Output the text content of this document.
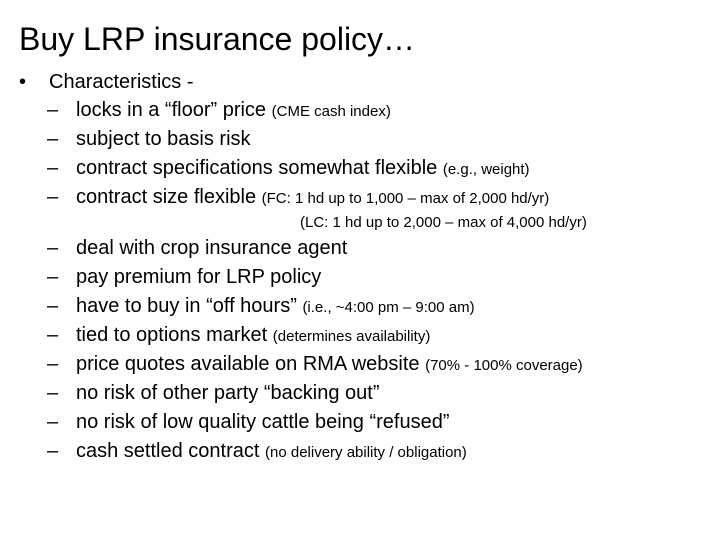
Buy LRP insurance policy…
• Characteristics -
– locks in a “floor” price (CME cash index)
– subject to basis risk
– contract specifications somewhat flexible (e.g., weight)
– contract size flexible (FC: 1 hd up to 1,000 – max of 2,000 hd/yr)
(LC: 1 hd up to 2,000 – max of 4,000 hd/yr)
– deal with crop insurance agent
– pay premium for LRP policy
– have to buy in “off hours” (i.e., ~4:00 pm – 9:00 am)
– tied to options market (determines availability)
– price quotes available on RMA website (70% - 100% coverage)
– no risk of other party “backing out”
– no risk of low quality cattle being “refused”
– cash settled contract (no delivery ability / obligation)
